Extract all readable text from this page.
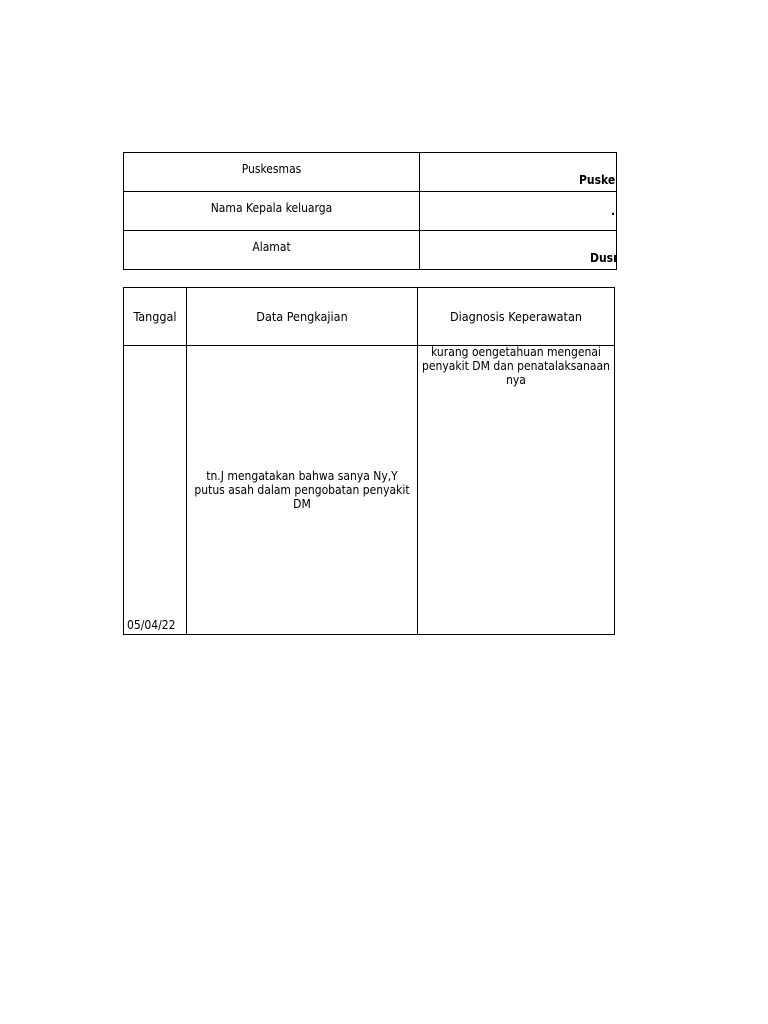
Puskesmas	Puske

Nama Kepala keluarga	.

Alamat	Dusı
Tanggal	Data Pengkajian	Diagnosis Keperawatan

05/04/22	tn.J mengatakan bahwa sanya Ny,Y putus asah dalam pengobatan penyakit DM	kurang oengetahuan mengenai penyakit DM dan penatalaksanaan nya
